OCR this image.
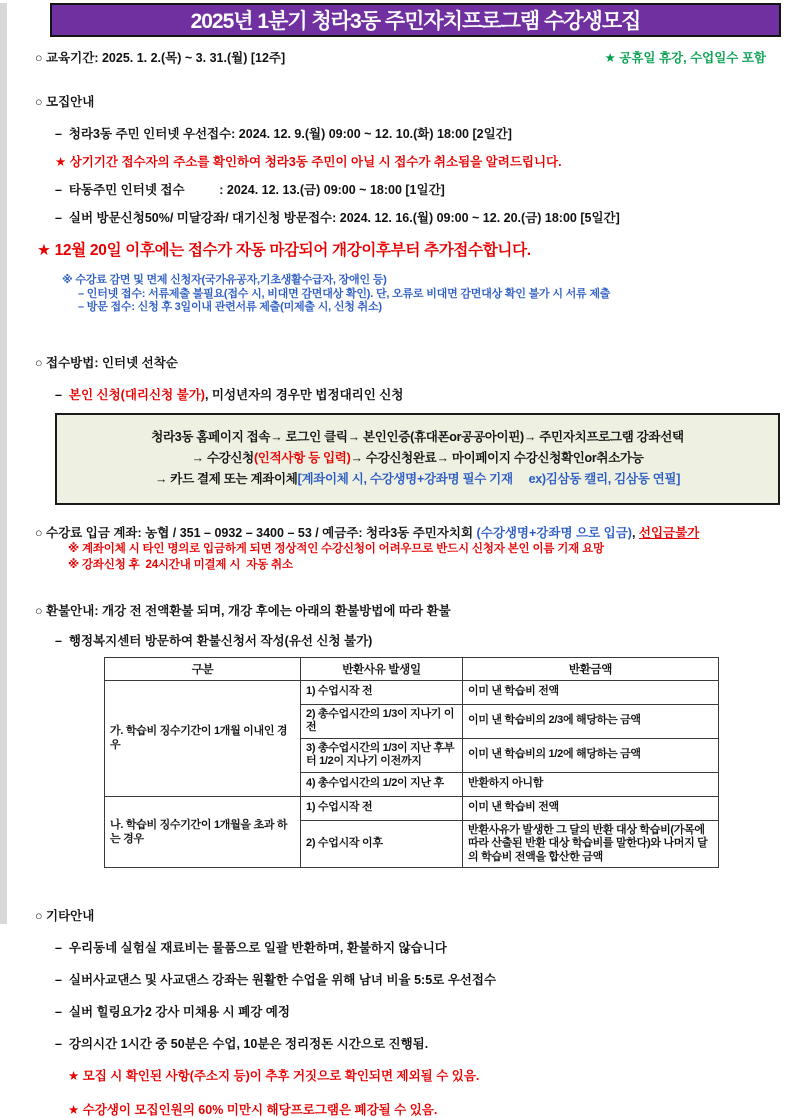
2025년 1분기 청라3동 주민자치프로그램 수강생모집
○ 교육기간: 2025. 1. 2.(목) ~ 3. 31.(월) [12주]	★ 공휴일 휴강, 수업일수 포함
○ 모집안내
–  청라3동 주민 인터넷 우선접수: 2024. 12. 9.(월) 09:00 ~ 12. 10.(화) 18:00 [2일간]
★ 상기기간 접수자의 주소를 확인하여 청라3동 주민이 아닐 시 접수가 취소됨을 알려드립니다.
–  타동주민 인터넷 접수          : 2024. 12. 13.(금) 09:00 ~ 18:00 [1일간]
–  실버 방문신청50%/ 미달강좌/ 대기신청 방문접수: 2024. 12. 16.(월) 09:00 ~ 12. 20.(금) 18:00 [5일간]
★ 12월 20일 이후에는 접수가 자동 마감되어 개강이후부터 추가접수합니다.
※ 수강료 감면 및 면제 신청자(국가유공자,기초생활수급자, 장애인 등)
– 인터넷 접수: 서류제출 불필요(접수 시, 비대면 감면대상 확인). 단, 오류로 비대면 감면대상 확인 불가 시 서류 제출
– 방문 접수: 신청 후 3일이내 관련서류 제출(미제출 시, 신청 취소)
○ 접수방법: 인터넷 선착순
–  본인 신청(대리신청 불가), 미성년자의 경우만 법정대리인 신청
청라3동 홈페이지 접속→ 로그인 클릭→ 본인인증(휴대폰or공공아이핀)→ 주민자치프로그램 강좌선택
→ 수강신청(인적사항 등 입력)→ 수강신청완료→ 마이페이지 수강신청확인or취소가능
→ 카드 결제 또는 계좌이체[계좌이체 시, 수강생명+강좌명 필수 기재     ex)김삼동 캘리, 김삼동 연필]
○ 수강료 입금 계좌: 농협 / 351 – 0932 – 3400 – 53 / 예금주: 청라3동 주민자치회 (수강생명+강좌명 으로 입금), 선입금불가
※ 계좌이체 시 타인 명의로 입금하게 되면 정상적인 수강신청이 어려우므로 반드시 신청자 본인 이름 기재 요망
※ 강좌신청 후  24시간내 미결제 시  자동 취소
○ 환불안내: 개강 전 전액환불 되며, 개강 후에는 아래의 환불방법에 따라 환불
–  행정복지센터 방문하여 환불신청서 작성(유선 신청 불가)
구분	반환사유 발생일	반환금액
가. 학습비 징수기간이 1개월 이내인 경우	1) 수업시작 전	이미 낸 학습비 전액
	2) 총수업시간의 1/3이 지나기 이전	이미 낸 학습비의 2/3에 해당하는 금액
	3) 총수업시간의 1/3이 지난 후부터 1/2이 지나기 이전까지	이미 낸 학습비의 1/2에 해당하는 금액
	4) 총수업시간의 1/2이 지난 후	반환하지 아니함
나. 학습비 징수기간이 1개월을 초과 하는 경우	1) 수업시작 전	이미 낸 학습비 전액
	2) 수업시작 이후	반환사유가 발생한 그 달의 반환 대상 학습비(가목에 따라 산출된 반환 대상 학습비를 말한다)와 나머지 달의 학습비 전액을 합산한 금액
○ 기타안내
–  우리동네 실험실 재료비는 물품으로 일괄 반환하며, 환불하지 않습니다
–  실버사교댄스 및 사교댄스 강좌는 원활한 수업을 위해 남녀 비율 5:5로 우선접수
–  실버 힐링요가2 강사 미채용 시 폐강 예정
–  강의시간 1시간 중 50분은 수업, 10분은 정리정돈 시간으로 진행됨.
★ 모집 시 확인된 사항(주소지 등)이 추후 거짓으로 확인되면 제외될 수 있음.
★ 수강생이 모집인원의 60% 미만시 해당프로그램은 폐강될 수 있음.
